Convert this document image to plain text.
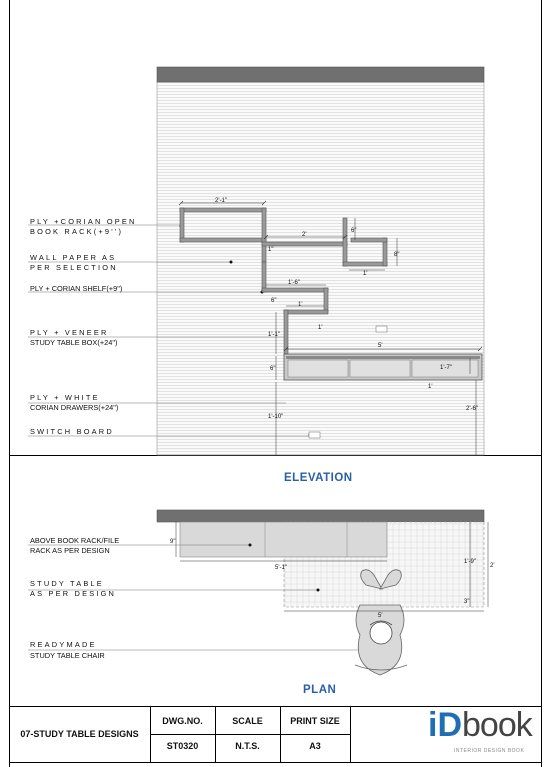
2'-1"
2'
6"
8"
1'
1"
1'-6"
6"
1'
1'
1'-1"
5'
6"	1'-7"
1'
1'-10"
2'-6"
PLY +CORIAN OPEN
BOOK RACK(+9'')
WALL PAPER AS
PER SELECTION
PLY + CORIAN SHELF(+9")
PLY + VENEER
STUDY TABLE BOX(+24")
PLY + WHITE
CORIAN DRAWERS(+24")
SWITCH BOARD
ELEVATION
9"
5'-1"
1'-9"
2'
5'
3"
ABOVE BOOK RACK/FILE
RACK AS PER DESIGN
STUDY TABLE
AS PER DESIGN
READYMADE
STUDY TABLE CHAIR
PLAN
07-STUDY TABLE DESIGNS
DWG.NO.
ST0320
SCALE
N.T.S.
PRINT SIZE
A3
iD book
INTERIOR DESIGN BOOK
